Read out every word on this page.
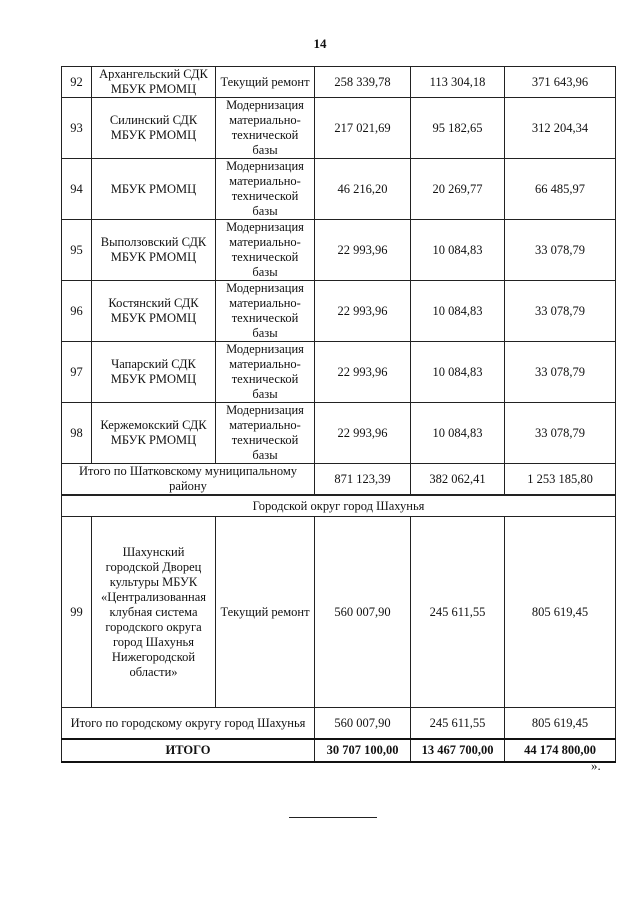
14
92	Архангельский СДК МБУК РМОМЦ	Текущий ремонт	258 339,78	113 304,18	371 643,96
93	Силинский СДК МБУК РМОМЦ	Модернизация материально-технической базы	217 021,69	95 182,65	312 204,34
94	МБУК РМОМЦ	Модернизация материально-технической базы	46 216,20	20 269,77	66 485,97
95	Выползовский СДК МБУК РМОМЦ	Модернизация материально-технической базы	22 993,96	10 084,83	33 078,79
96	Костянский СДК МБУК РМОМЦ	Модернизация материально-технической базы	22 993,96	10 084,83	33 078,79
97	Чапарский СДК МБУК РМОМЦ	Модернизация материально-технической базы	22 993,96	10 084,83	33 078,79
98	Кержемокский СДК МБУК РМОМЦ	Модернизация материально-технической базы	22 993,96	10 084,83	33 078,79
Итого по Шатковскому муниципальному району			871 123,39	382 062,41	1 253 185,80
Городской округ город Шахунья					
99	Шахунский городской Дворец культуры МБУК «Централизованная клубная система городского округа город Шахунья Нижегородской области»	Текущий ремонт	560 007,90	245 611,55	805 619,45
Итого по городскому округу город Шахунья			560 007,90	245 611,55	805 619,45
ИТОГО			30 707 100,00	13 467 700,00	44 174 800,00
».
